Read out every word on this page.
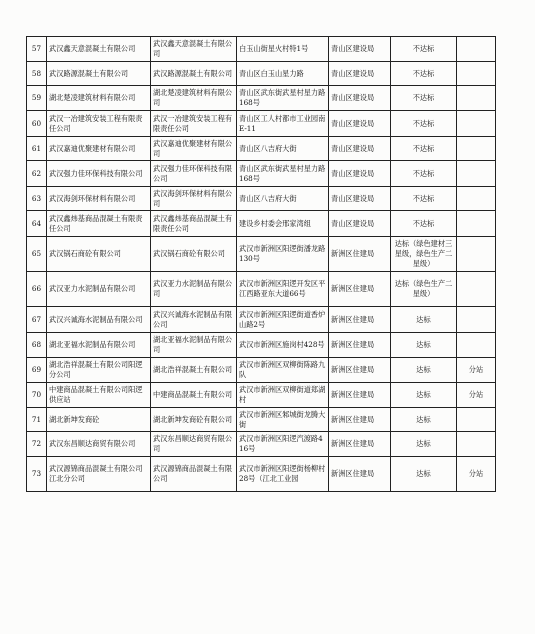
57	武汉鑫天意混凝土有限公司	武汉鑫天意混凝土有限公司	白玉山街星火村特1号	青山区建设局	不达标	
58	武汉路源混凝土有限公司	武汉路源混凝土有限公司	青山区白玉山星力路	青山区建设局	不达标	
59	湖北楚凌建筑材料有限公司	湖北楚凌建筑材料有限公司	青山区武东街武星村星力路168号	青山区建设局	不达标	
60	武汉一冶建筑安装工程有限责任公司	武汉一冶建筑安装工程有限责任公司	青山区工人村都市工业园南E-11	青山区建设局	不达标	
61	武汉嘉迪优聚建材有限公司	武汉嘉迪优聚建材有限公司	青山区八吉府大街	青山区建设局	不达标	
62	武汉强力佳环保科技有限公司	武汉强力佳环保科技有限公司	青山区武东街武星村星力路168号	青山区建设局	不达标	
63	武汉海剑环保材料有限公司	武汉海剑环保材料有限公司	青山区八吉府大街	青山区建设局	不达标	
64	武汉鑫炜基商品混凝土有限责任公司	武汉鑫炜基商品混凝土有限责任公司	建设乡村委会邢家湾组	青山区建设局	不达标	
65	武汉锅石商砼有限公司	武汉锅石商砼有限公司	武汉市新洲区阳逻街潘龙路130号	新洲区住建局	达标（绿色建材三星级，绿色生产二星级）	
66	武汉亚力水泥制品有限公司	武汉亚力水泥制品有限公司	武汉市新洲区阳逻开发区平江西路亚东大道66号	新洲区住建局	达标（绿色生产二星级）	
67	武汉兴诚海水泥制品有限公司	武汉兴诚海水泥制品有限公司	武汉市新洲区阳逻街道香炉山路2号	新洲区住建局	达标	
68	湖北亚福水泥制品有限公司	湖北亚福水泥制品有限公司	武汉市新洲区施岗村428号	新洲区住建局	达标	
69	湖北浩祥混凝土有限公司阳逻分公司	湖北浩祥混凝土有限公司	武汉市新洲区双柳街陈路九队	新洲区住建局	达标	分站
70	中建商品混凝土有限公司阳逻供应站	中建商品混凝土有限公司	武汉市新洲区双柳街道郑湖村	新洲区住建局	达标	分站
71	湖北新坤发商砼	湖北新坤发商砼有限公司	武汉市新洲区邾城街龙腾大街	新洲区住建局	达标	
72	武汉东昌顺达商贸有限公司	武汉东昌顺达商贸有限公司	武汉市新洲区阳逻汽渡路416号	新洲区住建局	达标	
73	武汉源锦商品混凝土有限公司江北分公司	武汉源锦商品混凝土有限公司	武汉市新洲区阳逻街杨柳村28号（江北工业园	新洲区住建局	达标	分站
